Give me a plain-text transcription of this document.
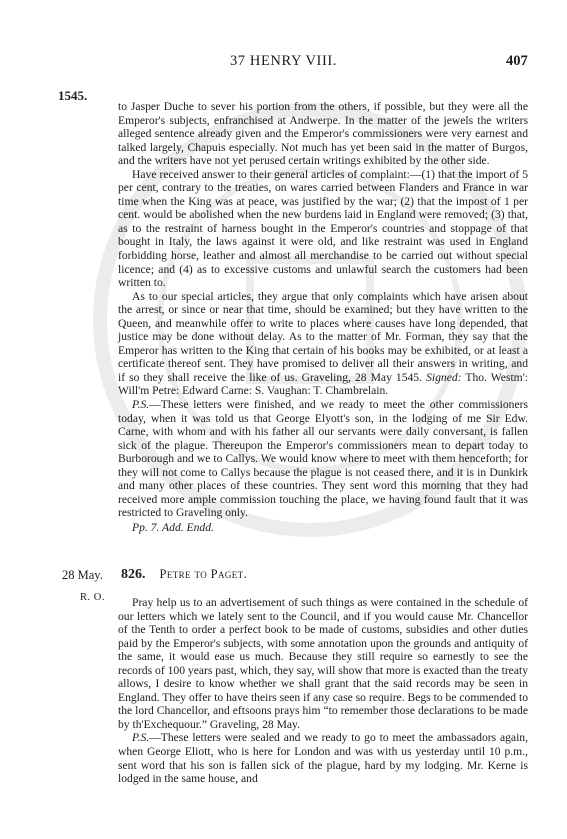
37 HENRY VIII.	407
1545.

to Jasper Duche to sever his portion from the others, if possible, but they were all the Emperor's subjects, enfranchised at Andwerpe. In the matter of the jewels the writers alleged sentence already given and the Emperor's commissioners were very earnest and talked largely, Chapuis especially. Not much has yet been said in the matter of Burgos, and the writers have not yet perused certain writings exhibited by the other side.

Have received answer to their general articles of complaint:—(1) that the import of 5 per cent, contrary to the treaties, on wares carried between Flanders and France in war time when the King was at peace, was justified by the war; (2) that the impost of 1 per cent. would be abolished when the new burdens laid in England were removed; (3) that, as to the restraint of harness bought in the Emperor's countries and stoppage of that bought in Italy, the laws against it were old, and like restraint was used in England forbidding horse, leather and almost all merchandise to be carried out without special licence; and (4) as to excessive customs and unlawful search the customers had been written to.

As to our special articles, they argue that only complaints which have arisen about the arrest, or since or near that time, should be examined; but they have written to the Queen, and meanwhile offer to write to places where causes have long depended, that justice may be done without delay. As to the matter of Mr. Forman, they say that the Emperor has written to the King that certain of his books may be exhibited, or at least a certificate thereof sent. They have promised to deliver all their answers in writing, and if so they shall receive the like of us. Graveling, 28 May 1545. Signed: Tho. Westm': Will'm Petre: Edward Carne: S. Vaughan: T. Chambrelain.

P.S.—These letters were finished, and we ready to meet the other commissioners today, when it was told us that George Elyott's son, in the lodging of me Sir Edw. Carne, with whom and with his father all our servants were daily conversant, is fallen sick of the plague. Thereupon the Emperor's commissioners mean to depart today to Burborough and we to Callys. We would know where to meet with them henceforth; for they will not come to Callys because the plague is not ceased there, and it is in Dunkirk and many other places of these countries. They sent word this morning that they had received more ample commission touching the place, we having found fault that it was restricted to Graveling only.

Pp. 7. Add. Endd.
28 May.
R. O.
826. Petre to Paget.

Pray help us to an advertisement of such things as were contained in the schedule of our letters which we lately sent to the Council, and if you would cause Mr. Chancellor of the Tenth to order a perfect book to be made of customs, subsidies and other duties paid by the Emperor's subjects, with some annotation upon the grounds and antiquity of the same, it would ease us much. Because they still require so earnestly to see the records of 100 years past, which, they say, will show that more is exacted than the treaty allows, I desire to know whether we shall grant that the said records may be seen in England. They offer to have theirs seen if any case so require. Begs to be commended to the lord Chancellor, and eftsoons prays him “to remember those declarations to be made by th'Exchequour.” Graveling, 28 May.

P.S.—These letters were sealed and we ready to go to meet the ambassadors again, when George Eliott, who is here for London and was with us yesterday until 10 p.m., sent word that his son is fallen sick of the plague, hard by my lodging. Mr. Kerne is lodged in the same house, and
